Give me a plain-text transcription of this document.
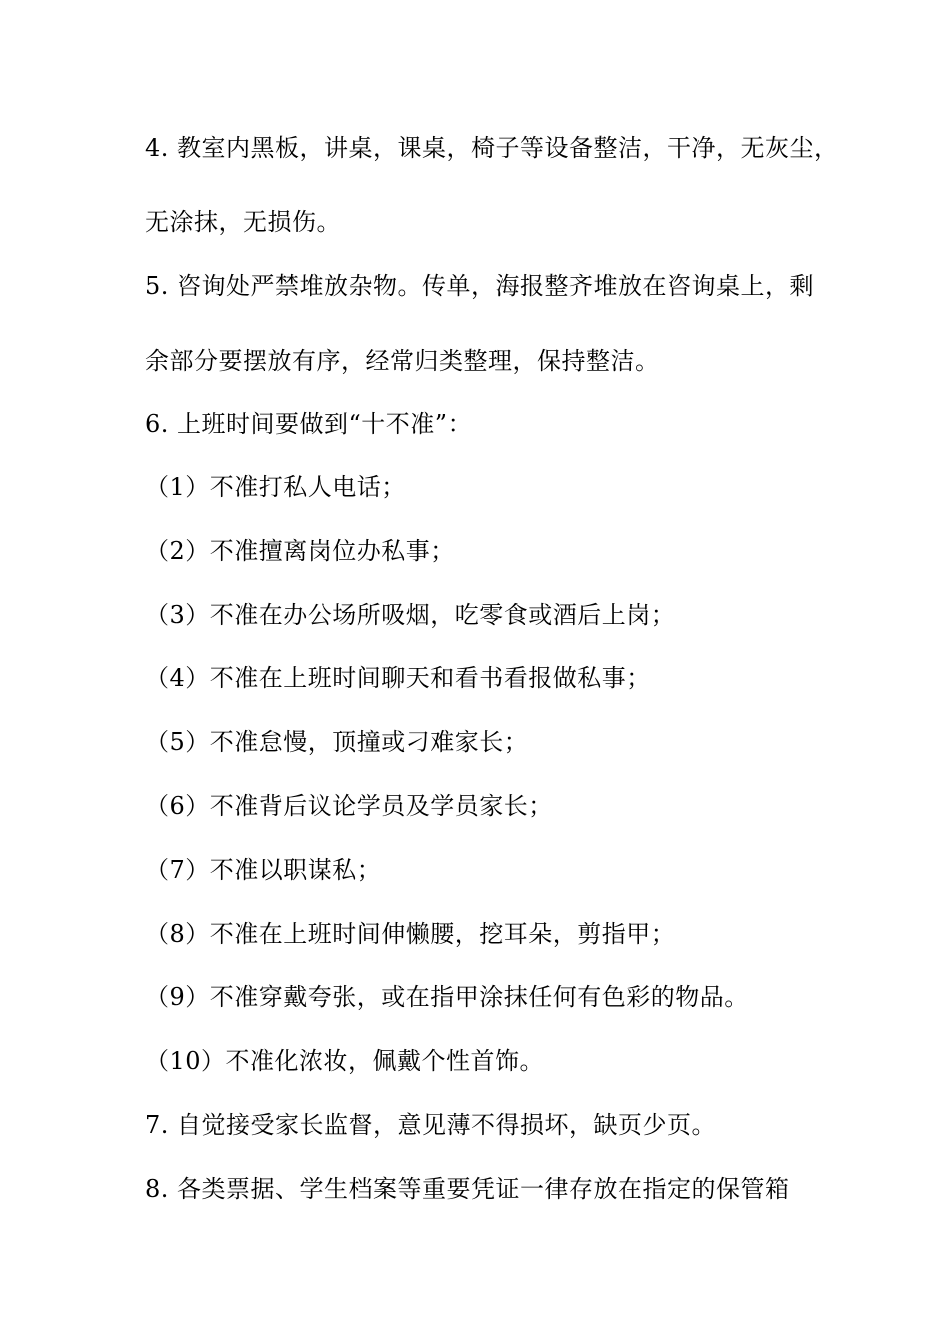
4. 教室内黑板，讲桌，课桌，椅子等设备整洁，干净，无灰尘，
无涂抹，无损伤。
5. 咨询处严禁堆放杂物。传单，海报整齐堆放在咨询桌上，剩
余部分要摆放有序，经常归类整理，保持整洁。
6. 上班时间要做到“十不准”：
（1）不准打私人电话；
（2）不准擅离岗位办私事；
（3）不准在办公场所吸烟，吃零食或酒后上岗；
（4）不准在上班时间聊天和看书看报做私事；
（5）不准怠慢，顶撞或刁难家长；
（6）不准背后议论学员及学员家长；
（7）不准以职谋私；
（8）不准在上班时间伸懒腰，挖耳朵，剪指甲；
（9）不准穿戴夸张，或在指甲涂抹任何有色彩的物品。
（10）不准化浓妆，佩戴个性首饰。
7. 自觉接受家长监督，意见薄不得损坏，缺页少页。
8. 各类票据、学生档案等重要凭证一律存放在指定的保管箱
